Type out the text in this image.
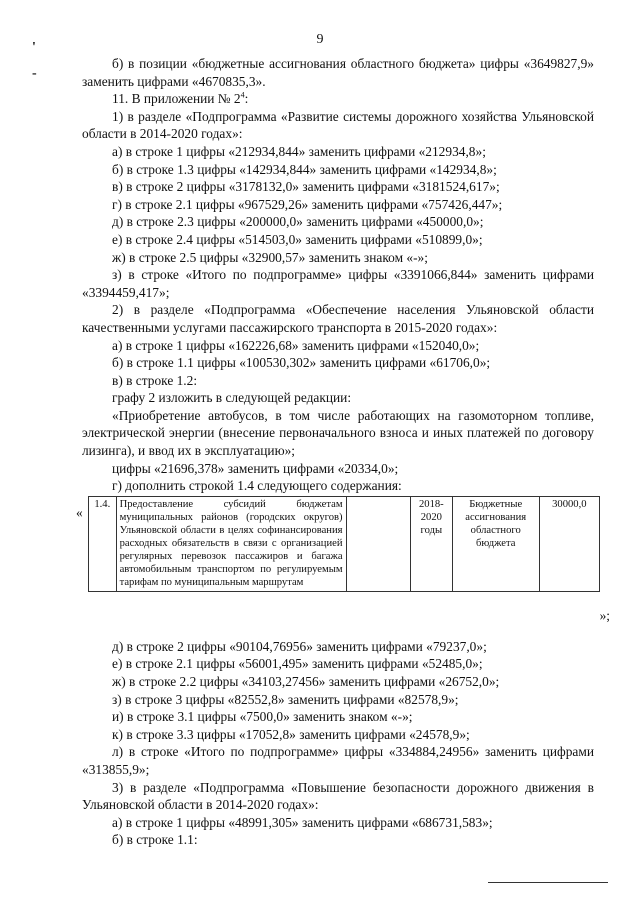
9
'
-

б) в позиции «бюджетные ассигнования областного бюджета» цифры «3649827,9» заменить цифрами «4670835,3».

11. В приложении № $2^4$:

1) в разделе «Подпрограмма «Развитие системы дорожного хозяйства Ульяновской области в 2014-2020 годах»:

а) в строке 1 цифры «212934,844» заменить цифрами «212934,8»;

б) в строке 1.3 цифры «142934,844» заменить цифрами «142934,8»;

в) в строке 2 цифры «3178132,0» заменить цифрами «3181524,617»;

г) в строке 2.1 цифры «967529,26» заменить цифрами «757426,447»;

д) в строке 2.3 цифры «200000,0» заменить цифрами «450000,0»;

е) в строке 2.4 цифры «514503,0» заменить цифрами «510899,0»;

ж) в строке 2.5 цифры «32900,57» заменить знаком «-»;

з) в строке «Итого по подпрограмме» цифры «3391066,844» заменить цифрами «3394459,417»;

2) в разделе «Подпрограмма «Обеспечение населения Ульяновской области качественными услугами пассажирского транспорта в 2015-2020 годах»:

а) в строке 1 цифры «162226,68» заменить цифрами «152040,0»;

б) в строке 1.1 цифры «100530,302» заменить цифрами «61706,0»;

в) в строке 1.2:

графу 2 изложить в следующей редакции:

«Приобретение автобусов, в том числе работающих на газомоторном топливе, электрической энергии (внесение первоначального взноса и иных платежей по договору лизинга), и ввод их в эксплуатацию»;

цифры «21696,378» заменить цифрами «20334,0»;

г) дополнить строкой 1.4 следующего содержания:

«
1.4.	Предоставление субсидий бюджетам муниципальных районов (городских округов) Ульяновской области в целях софинансирования расходных обязательств в связи с организацией регулярных перевозок пассажиров и багажа автомобильным транспортом по регулируемым тарифам по муниципальным маршрутам		2018-2020 годы	Бюджетные ассигнования областного бюджета	30000,0
»;

д) в строке 2 цифры «90104,76956» заменить цифрами «79237,0»;

е) в строке 2.1 цифры «56001,495» заменить цифрами «52485,0»;

ж) в строке 2.2 цифры «34103,27456» заменить цифрами «26752,0»;

з) в строке 3 цифры «82552,8» заменить цифрами «82578,9»;

и) в строке 3.1 цифры «7500,0» заменить знаком «-»;

к) в строке 3.3 цифры «17052,8» заменить цифрами «24578,9»;

л) в строке «Итого по подпрограмме» цифры «334884,24956» заменить цифрами «313855,9»;

3) в разделе «Подпрограмма «Повышение безопасности дорожного движения в Ульяновской области в 2014-2020 годах»:

а) в строке 1 цифры «48991,305» заменить цифрами «686731,583»;

б) в строке 1.1:
